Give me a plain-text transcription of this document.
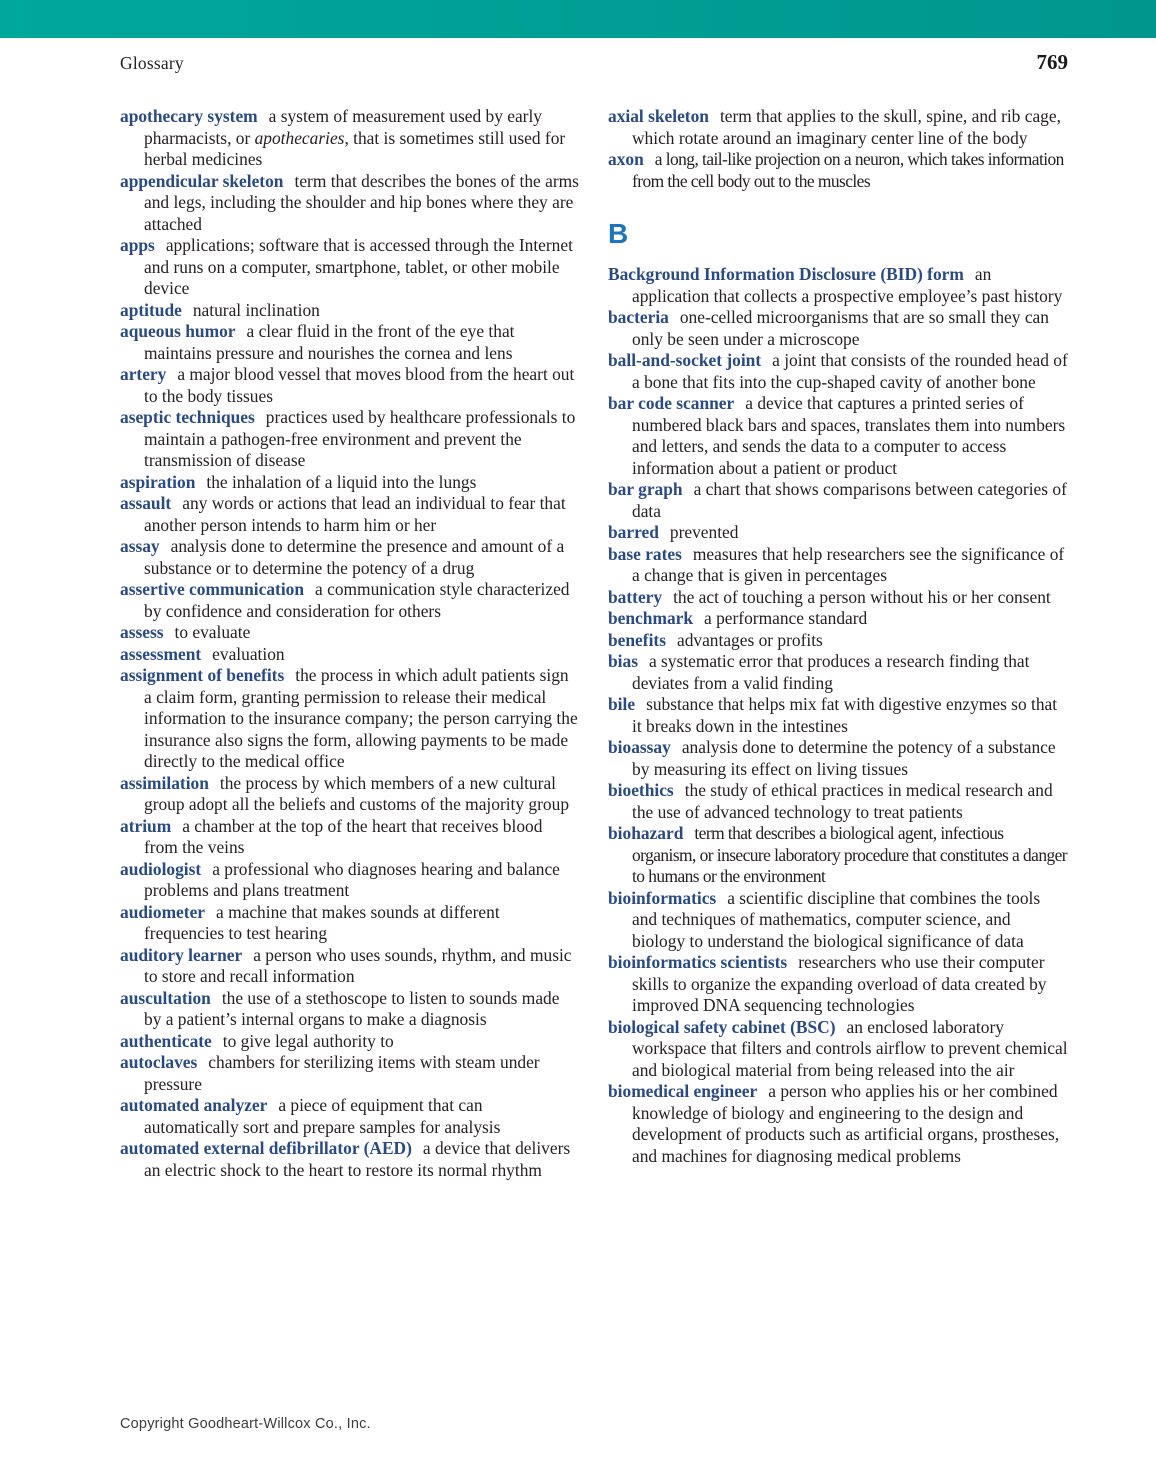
Glossary	769

apothecary system a system of measurement used by early pharmacists, or apothecaries, that is sometimes still used for herbal medicines

appendicular skeleton term that describes the bones of the arms and legs, including the shoulder and hip bones where they are attached

apps applications; software that is accessed through the Internet and runs on a computer, smartphone, tablet, or other mobile device

aptitude natural inclination

aqueous humor a clear fluid in the front of the eye that maintains pressure and nourishes the cornea and lens

artery a major blood vessel that moves blood from the heart out to the body tissues

aseptic techniques practices used by healthcare professionals to maintain a pathogen-free environment and prevent the transmission of disease

aspiration the inhalation of a liquid into the lungs

assault any words or actions that lead an individual to fear that another person intends to harm him or her

assay analysis done to determine the presence and amount of a substance or to determine the potency of a drug

assertive communication a communication style characterized by confidence and consideration for others

assess to evaluate

assessment evaluation

assignment of benefits the process in which adult patients sign a claim form, granting permission to release their medical information to the insurance company; the person carrying the insurance also signs the form, allowing payments to be made directly to the medical office

assimilation the process by which members of a new cultural group adopt all the beliefs and customs of the majority group

atrium a chamber at the top of the heart that receives blood from the veins

audiologist a professional who diagnoses hearing and balance problems and plans treatment

audiometer a machine that makes sounds at different frequencies to test hearing

auditory learner a person who uses sounds, rhythm, and music to store and recall information

auscultation the use of a stethoscope to listen to sounds made by a patient’s internal organs to make a diagnosis

authenticate to give legal authority to

autoclaves chambers for sterilizing items with steam under pressure

automated analyzer a piece of equipment that can automatically sort and prepare samples for analysis

automated external defibrillator (AED) a device that delivers an electric shock to the heart to restore its normal rhythm

axial skeleton term that applies to the skull, spine, and rib cage, which rotate around an imaginary center line of the body

axon a long, tail-like projection on a neuron, which takes information from the cell body out to the muscles

B

Background Information Disclosure (BID) form an application that collects a prospective employee’s past history

bacteria one-celled microorganisms that are so small they can only be seen under a microscope

ball-and-socket joint a joint that consists of the rounded head of a bone that fits into the cup-shaped cavity of another bone

bar code scanner a device that captures a printed series of numbered black bars and spaces, translates them into numbers and letters, and sends the data to a computer to access information about a patient or product

bar graph a chart that shows comparisons between categories of data

barred prevented

base rates measures that help researchers see the significance of a change that is given in percentages

battery the act of touching a person without his or her consent

benchmark a performance standard

benefits advantages or profits

bias a systematic error that produces a research finding that deviates from a valid finding

bile substance that helps mix fat with digestive enzymes so that it breaks down in the intestines

bioassay analysis done to determine the potency of a substance by measuring its effect on living tissues

bioethics the study of ethical practices in medical research and the use of advanced technology to treat patients

biohazard term that describes a biological agent, infectious organism, or insecure laboratory procedure that constitutes a danger to humans or the environment

bioinformatics a scientific discipline that combines the tools and techniques of mathematics, computer science, and biology to understand the biological significance of data

bioinformatics scientists researchers who use their computer skills to organize the expanding overload of data created by improved DNA sequencing technologies

biological safety cabinet (BSC) an enclosed laboratory workspace that filters and controls airflow to prevent chemical and biological material from being released into the air

biomedical engineer a person who applies his or her combined knowledge of biology and engineering to the design and development of products such as artificial organs, prostheses, and machines for diagnosing medical problems

Copyright Goodheart-Willcox Co., Inc.
